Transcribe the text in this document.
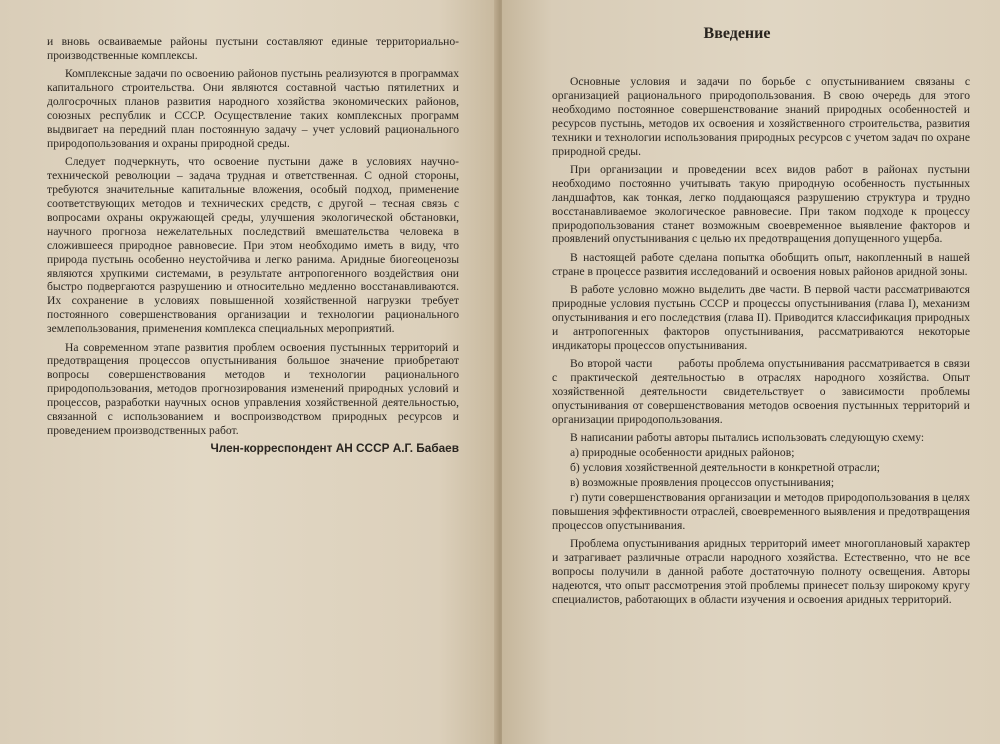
и вновь осваиваемые районы пустыни составляют единые территориально-производственные комплексы.

Комплексные задачи по освоению районов пустынь реализуются в программах капитального строительства. Они являются составной частью пятилетних и долгосрочных планов развития народного хозяйства экономических районов, союзных республик и СССР. Осуществление таких комплексных программ выдвигает на передний план постоянную задачу – учет условий рационального природопользования и охраны природной среды.

Следует подчеркнуть, что освоение пустыни даже в условиях научно-технической революции – задача трудная и ответственная. С одной стороны, требуются значительные капитальные вложения, особый подход, применение соответствующих методов и технических средств, с другой – тесная связь с вопросами охраны окружающей среды, улучшения экологической обстановки, научного прогноза нежелательных последствий вмешательства человека в сложившееся природное равновесие. При этом необходимо иметь в виду, что природа пустынь особенно неустойчива и легко ранима. Аридные биогеоценозы являются хрупкими системами, в результате антропогенного воздействия они быстро подвергаются разрушению и относительно медленно восстанавливаются. Их сохранение в условиях повышенной хозяйственной нагрузки требует постоянного совершенствования организации и технологии рационального землепользования, применения комплекса специальных мероприятий.

На современном этапе развития проблем освоения пустынных территорий и предотвращения процессов опустынивания большое значение приобретают вопросы совершенствования методов и технологии рационального природопользования, методов прогнозирования изменений природных условий и процессов, разработки научных основ управления хозяйственной деятельностью, связанной с использованием и воспроизводством природных ресурсов и проведением производственных работ.

Член-корреспондент АН СССР А.Г. Бабаев

Введение

Основные условия и задачи по борьбе с опустыниванием связаны с организацией рационального природопользования. В свою очередь для этого необходимо постоянное совершенствование знаний природных особенностей и ресурсов пустынь, методов их освоения и хозяйственного строительства, развития техники и технологии использования природных ресурсов с учетом задач по охране природной среды.

При организации и проведении всех видов работ в районах пустыни необходимо постоянно учитывать такую природную особенность пустынных ландшафтов, как тонкая, легко поддающаяся разрушению структура и трудно восстанавливаемое экологическое равновесие. При таком подходе к процессу природопользования станет возможным своевременное выявление факторов и проявлений опустынивания с целью их предотвращения допущенного ущерба.

В настоящей работе сделана попытка обобщить опыт, накопленный в нашей стране в процессе развития исследований и освоения новых районов аридной зоны.

В работе условно можно выделить две части. В первой части рассматриваются природные условия пустынь СССР и процессы опустынивания (глава I), механизм опустынивания и его последствия (глава II). Приводится классификация природных и антропогенных факторов опустынивания, рассматриваются некоторые индикаторы процессов опустынивания.

Во второй части работы проблема опустынивания рассматривается в связи с практической деятельностью в отраслях народного хозяйства. Опыт хозяйственной деятельности свидетельствует о зависимости проблемы опустынивания от совершенствования методов освоения пустынных территорий и организации природопользования.

В написании работы авторы пытались использовать следующую схему:

а) природные особенности аридных районов;

б) условия хозяйственной деятельности в конкретной отрасли;

в) возможные проявления процессов опустынивания;

г) пути совершенствования организации и методов природопользования в целях повышения эффективности отраслей, своевременного выявления и предотвращения процессов опустынивания.

Проблема опустынивания аридных территорий имеет многоплановый характер и затрагивает различные отрасли народного хозяйства. Естественно, что не все вопросы получили в данной работе достаточную полноту освещения. Авторы надеются, что опыт рассмотрения этой проблемы принесет пользу широкому кругу специалистов, работающих в области изучения и освоения аридных территорий.
